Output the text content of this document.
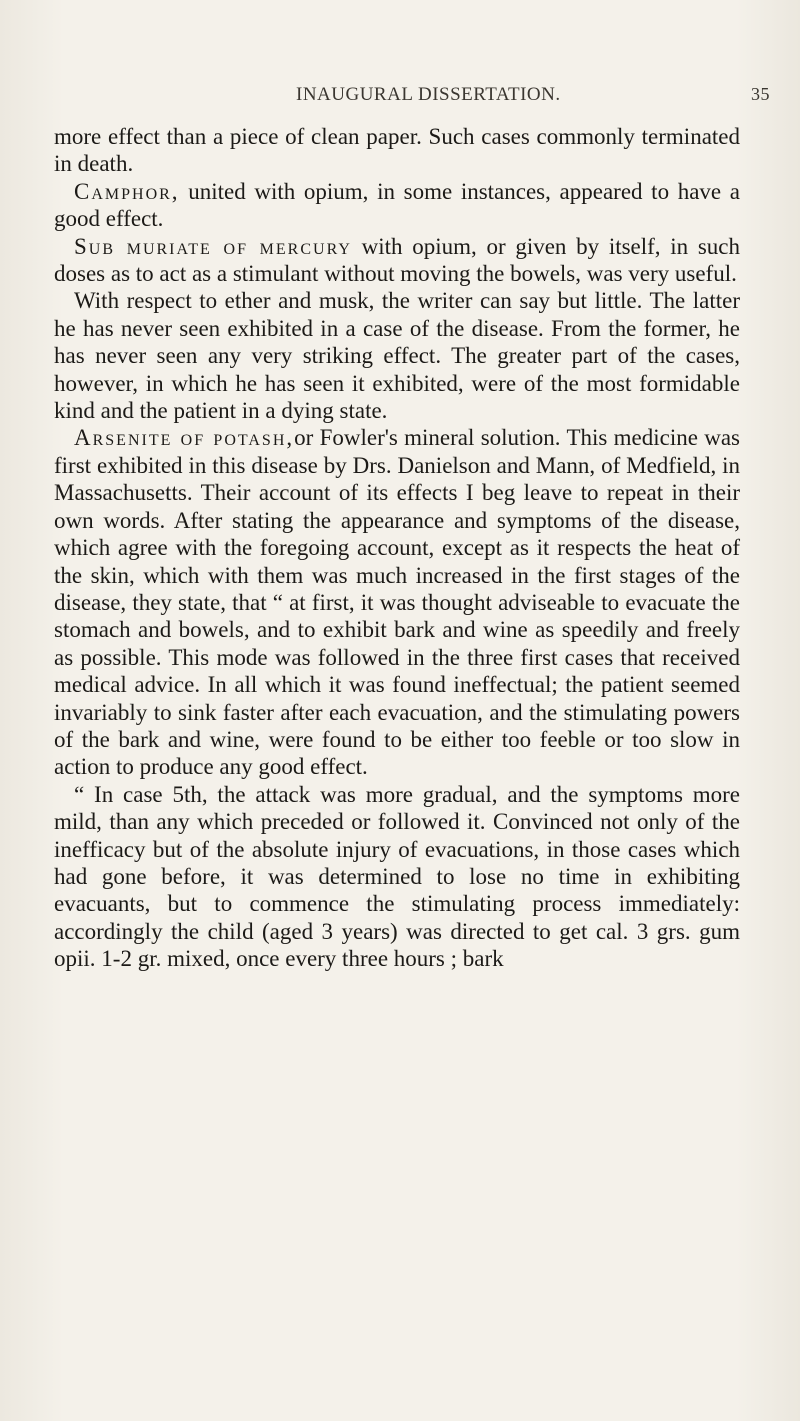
INAUGURAL DISSERTATION.	35

more effect than a piece of clean paper. Such cases commonly terminated in death.

Camphor, united with opium, in some instances, appeared to have a good effect.

Sub muriate of mercury with opium, or given by itself, in such doses as to act as a stimulant without moving the bowels, was very useful.

With respect to ether and musk, the writer can say but little. The latter he has never seen exhibited in a case of the disease. From the former, he has never seen any very striking effect. The greater part of the cases, however, in which he has seen it exhibited, were of the most formidable kind and the patient in a dying state.

Arsenite of potash,or Fowler's mineral solution. This medicine was first exhibited in this disease by Drs. Danielson and Mann, of Medfield, in Massachusetts. Their account of its effects I beg leave to repeat in their own words. After stating the appearance and symptoms of the disease, which agree with the foregoing account, except as it respects the heat of the skin, which with them was much increased in the first stages of the disease, they state, that “ at first, it was thought adviseable to evacuate the stomach and bowels, and to exhibit bark and wine as speedily and freely as possible. This mode was followed in the three first cases that received medical advice. In all which it was found ineffectual; the patient seemed invariably to sink faster after each evacuation, and the stimulating powers of the bark and wine, were found to be either too feeble or too slow in action to produce any good effect.

“ In case 5th, the attack was more gradual, and the symptoms more mild, than any which preceded or followed it. Convinced not only of the inefficacy but of the absolute injury of evacuations, in those cases which had gone before, it was determined to lose no time in exhibiting evacuants, but to commence the stimulating process immediately: accordingly the child (aged 3 years) was directed to get cal. 3 grs. gum opii. 1-2 gr. mixed, once every three hours ; bark
